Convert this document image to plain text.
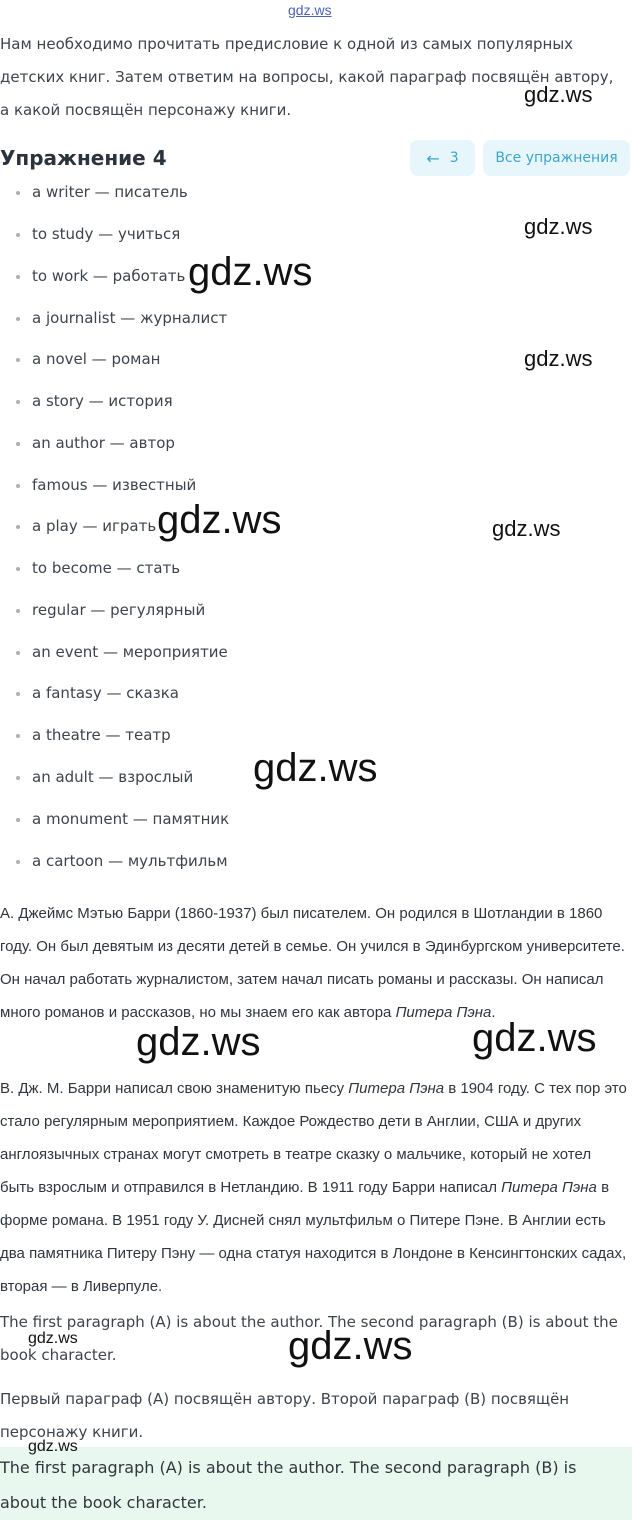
gdz.ws
Нам необходимо прочитать предисловие к одной из самых популярных детских книг. Затем ответим на вопросы, какой параграф посвящён автору, а какой посвящён персонажу книги.
Упражнение 4	← 3	Все упражнения
a writer — писатель
to study — учиться
to work — работать
a journalist — журналист
a novel — роман
a story — история
an author — автор
famous — известный
a play — играть
to become — стать
regular — регулярный
an event — мероприятие
a fantasy — сказка
a theatre — театр
an adult — взрослый
a monument — памятник
a cartoon — мультфильм
A. Джеймс Мэтью Барри (1860-1937) был писателем. Он родился в Шотландии в 1860 году. Он был девятым из десяти детей в семье. Он учился в Эдинбургском университете. Он начал работать журналистом, затем начал писать романы и рассказы. Он написал много романов и рассказов, но мы знаем его как автора Питера Пэна.
B. Дж. М. Барри написал свою знаменитую пьесу Питера Пэна в 1904 году. С тех пор это стало регулярным мероприятием. Каждое Рождество дети в Англии, США и других англоязычных странах могут смотреть в театре сказку о мальчике, который не хотел быть взрослым и отправился в Нетландию. В 1911 году Барри написал Питера Пэна в форме романа. В 1951 году У. Дисней снял мультфильм о Питере Пэне. В Англии есть два памятника Питеру Пэну — одна статуя находится в Лондоне в Кенсингтонских садах, вторая — в Ливерпуле.
The first paragraph (A) is about the author. The second paragraph (B) is about the book character.
Первый параграф (A) посвящён автору. Второй параграф (B) посвящён персонажу книги.
The first paragraph (A) is about the author. The second paragraph (B) is about the book character.
gdz.ws
gdz.ws
gdz.ws
gdz.ws
gdz.ws	gdz.ws
gdz.ws
gdz.ws	gdz.ws
gdz.ws	gdz.ws
gdz.ws
